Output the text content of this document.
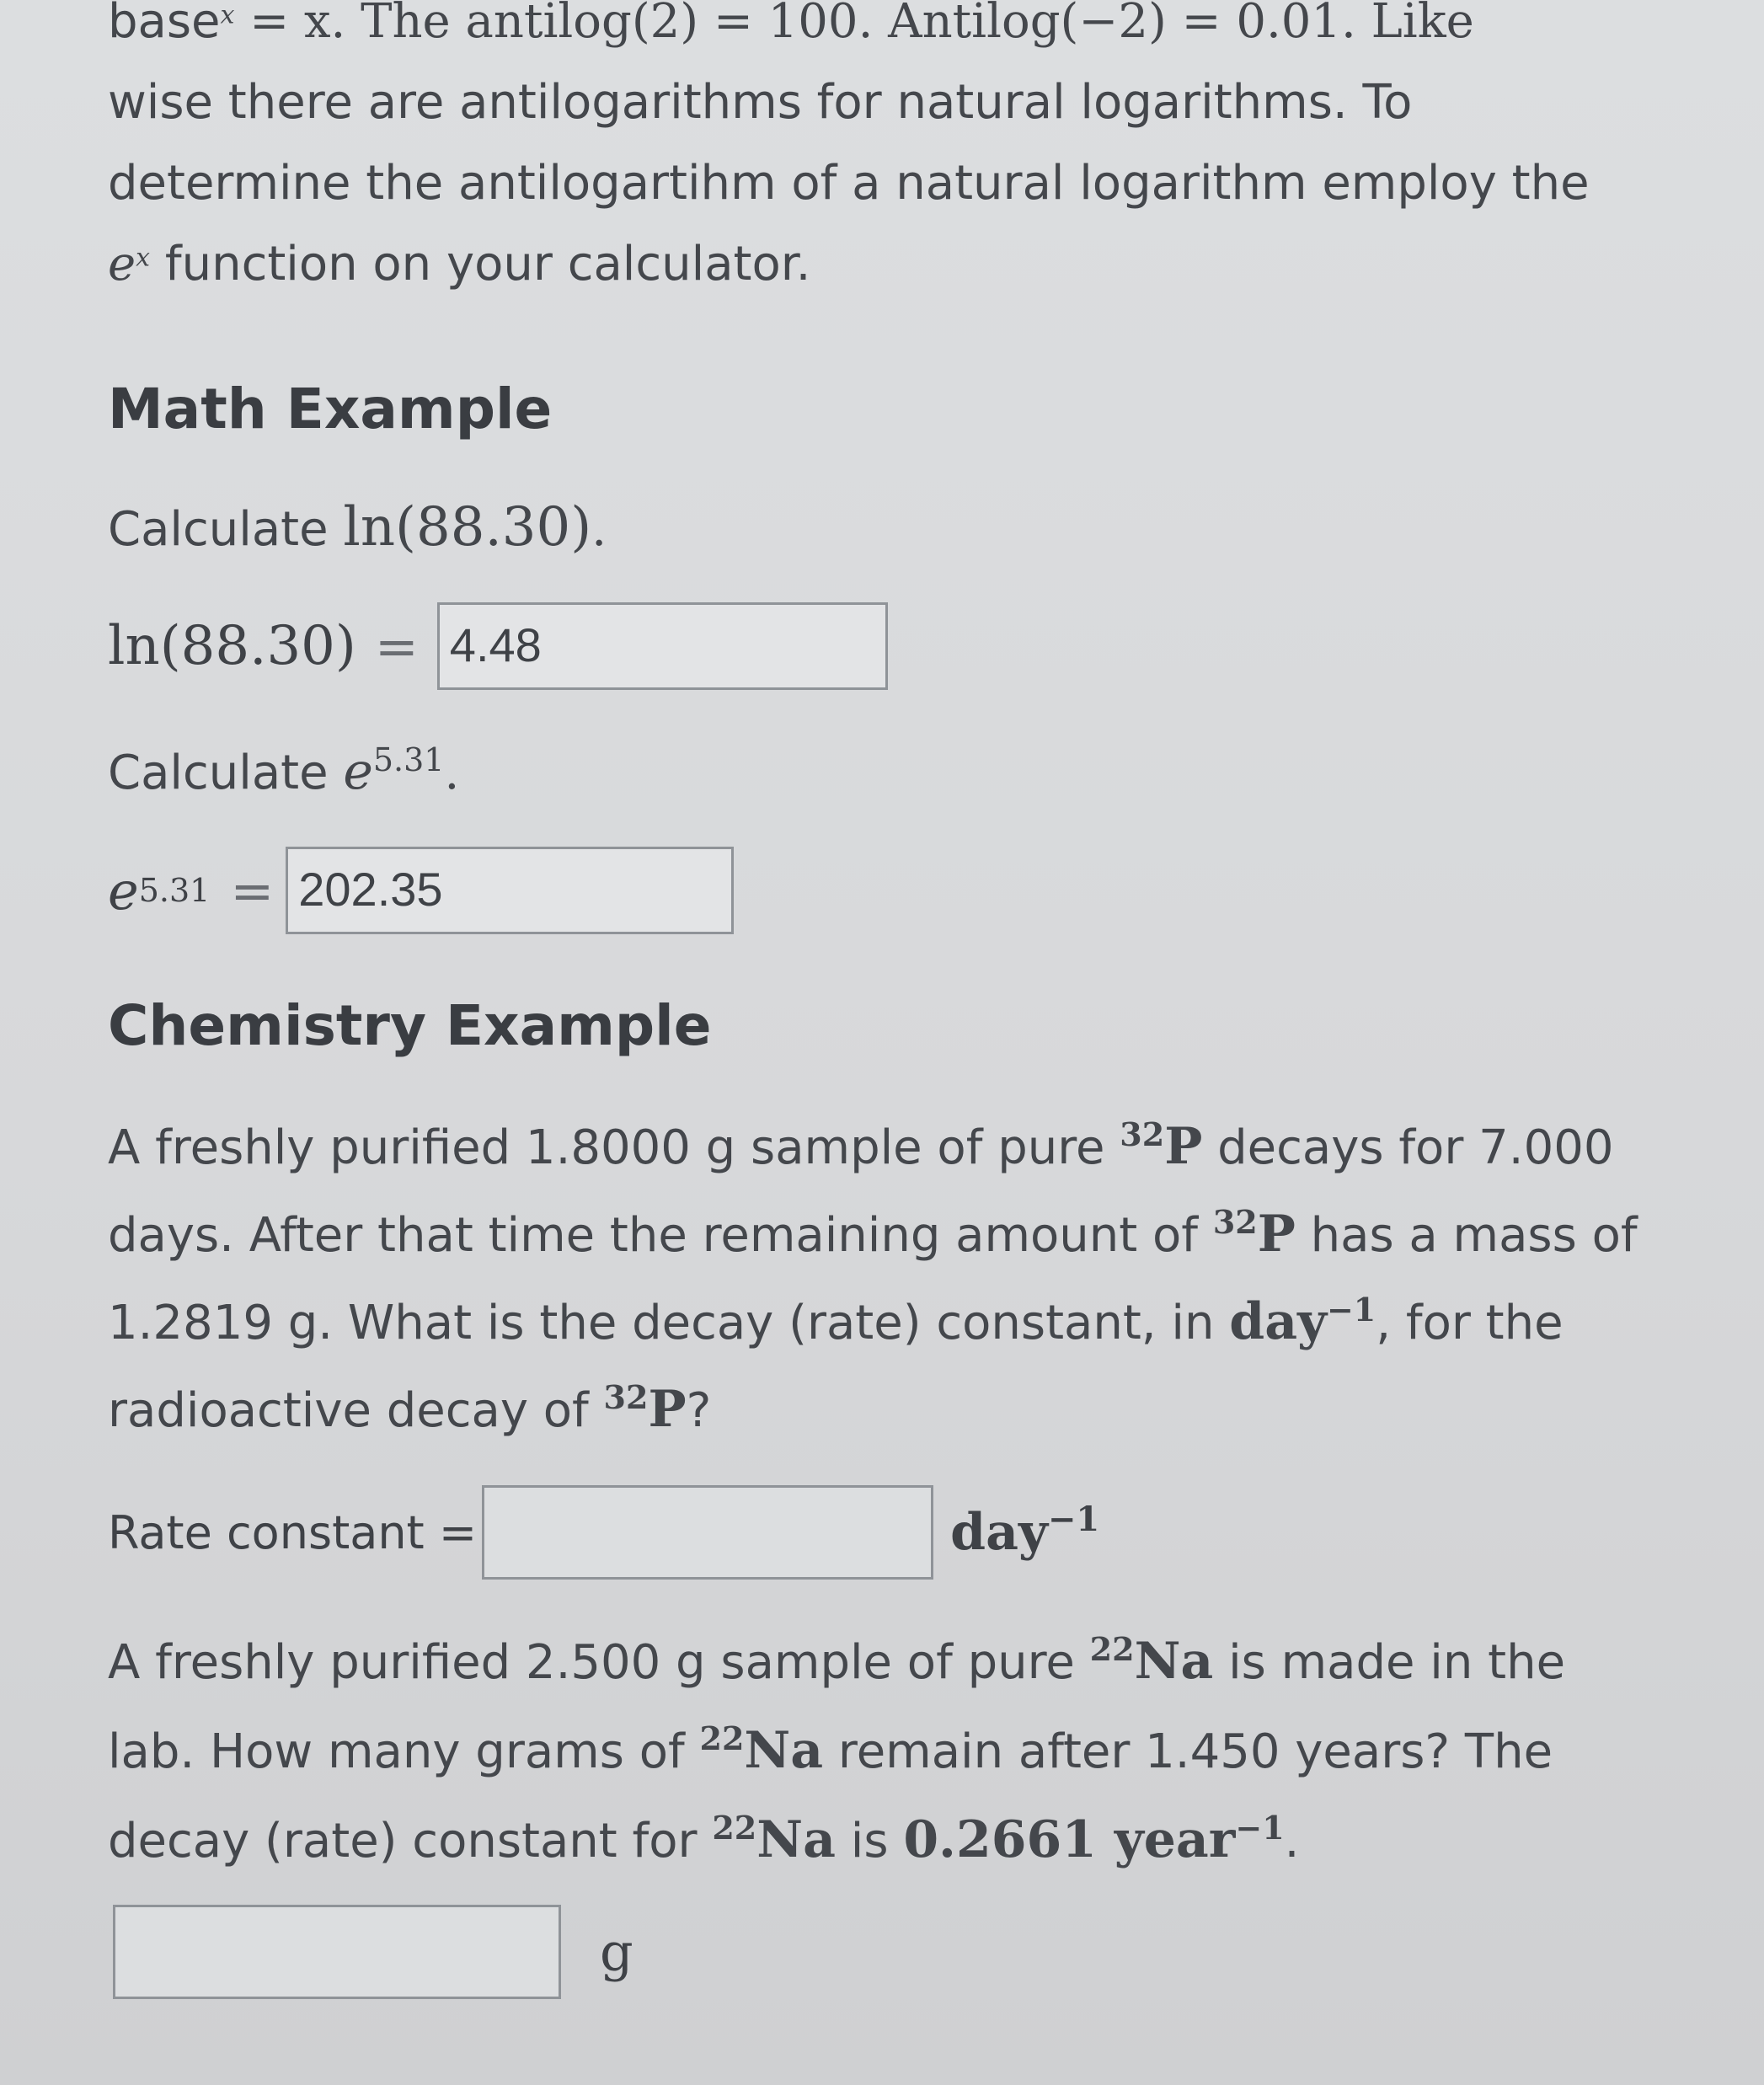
base$^x$ = x. The antilog(2) = 100. Antilog(−2) = 0.01. Like

wise there are antilogarithms for natural logarithms. To

determine the antilogartihm of a natural logarithm employ the

$e^x$ function on your calculator.

Math Example

Calculate ln(88.30).

ln(88.30) = 4.48

Calculate $e^{5.31}$.

e 5.31 = 202.35
Chemistry Example

A freshly purified 1.8000 g sample of pure $^{32}$P decays for 7.000

days. After that time the remaining amount of $^{32}$P has a mass of

1.2819 g. What is the decay (rate) constant, in day$^{-1}$, for the

radioactive decay of $^{32}$P?

Rate constant =	day$^{-1}$

A freshly purified 2.500 g sample of pure $^{22}$Na is made in the

lab. How many grams of $^{22}$Na remain after 1.450 years? The

decay (rate) constant for $^{22}$Na is 0.2661 year$^{-1}$.

g
